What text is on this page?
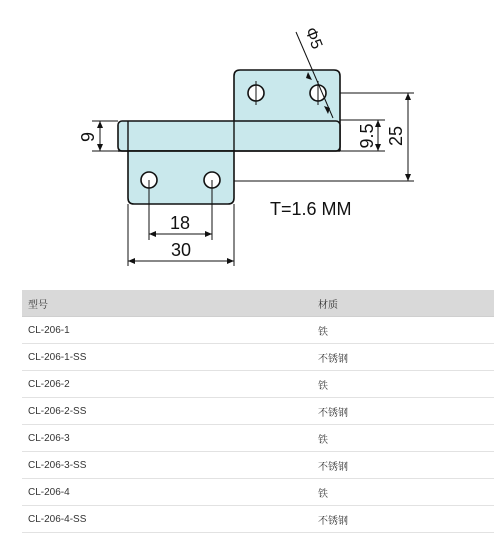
Φ5
9	9.5 25
18
30
T=1.6 MM
型号	材质
CL-206-1	铁
CL-206-1-SS	不锈钢
CL-206-2	铁
CL-206-2-SS	不锈钢
CL-206-3	铁
CL-206-3-SS	不锈钢
CL-206-4	铁
CL-206-4-SS	不锈钢
